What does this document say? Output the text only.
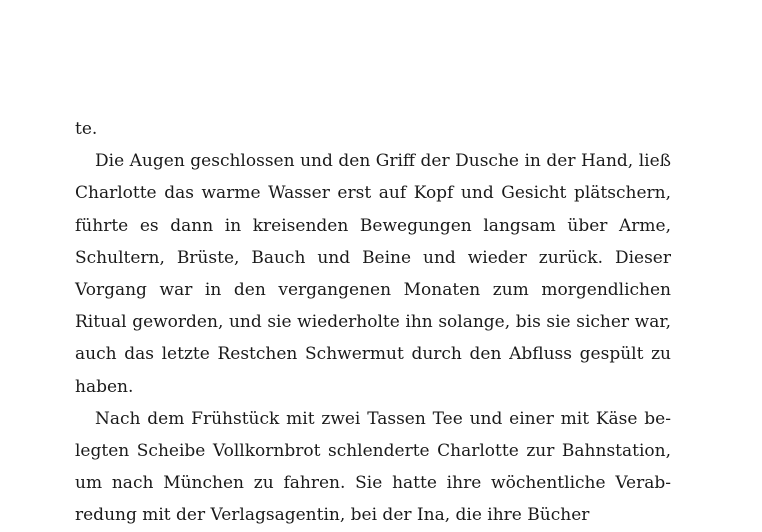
te.

Die Augen geschlossen und den Griff der Dusche in der Hand, ließ Charlotte das warme Wasser erst auf Kopf und Gesicht plätschern, führte es dann in kreisenden Bewegungen langsam über Arme, Schultern, Brüste, Bauch und Beine und wieder zurück. Dieser Vorgang war in den vergangenen Monaten zum morgendlichen Ritual geworden, und sie wiederholte ihn solange, bis sie sicher war, auch das letzte Restchen Schwermut durch den Abfluss gespült zu haben.

Nach dem Frühstück mit zwei Tassen Tee und einer mit Käse belegten Scheibe Vollkornbrot schlenderte Charlotte zur Bahnstation, um nach München zu fahren. Sie hatte ihre wöchentliche Verabredung mit der Verlagsagentin, bei der Ina, die ihre Bücher
